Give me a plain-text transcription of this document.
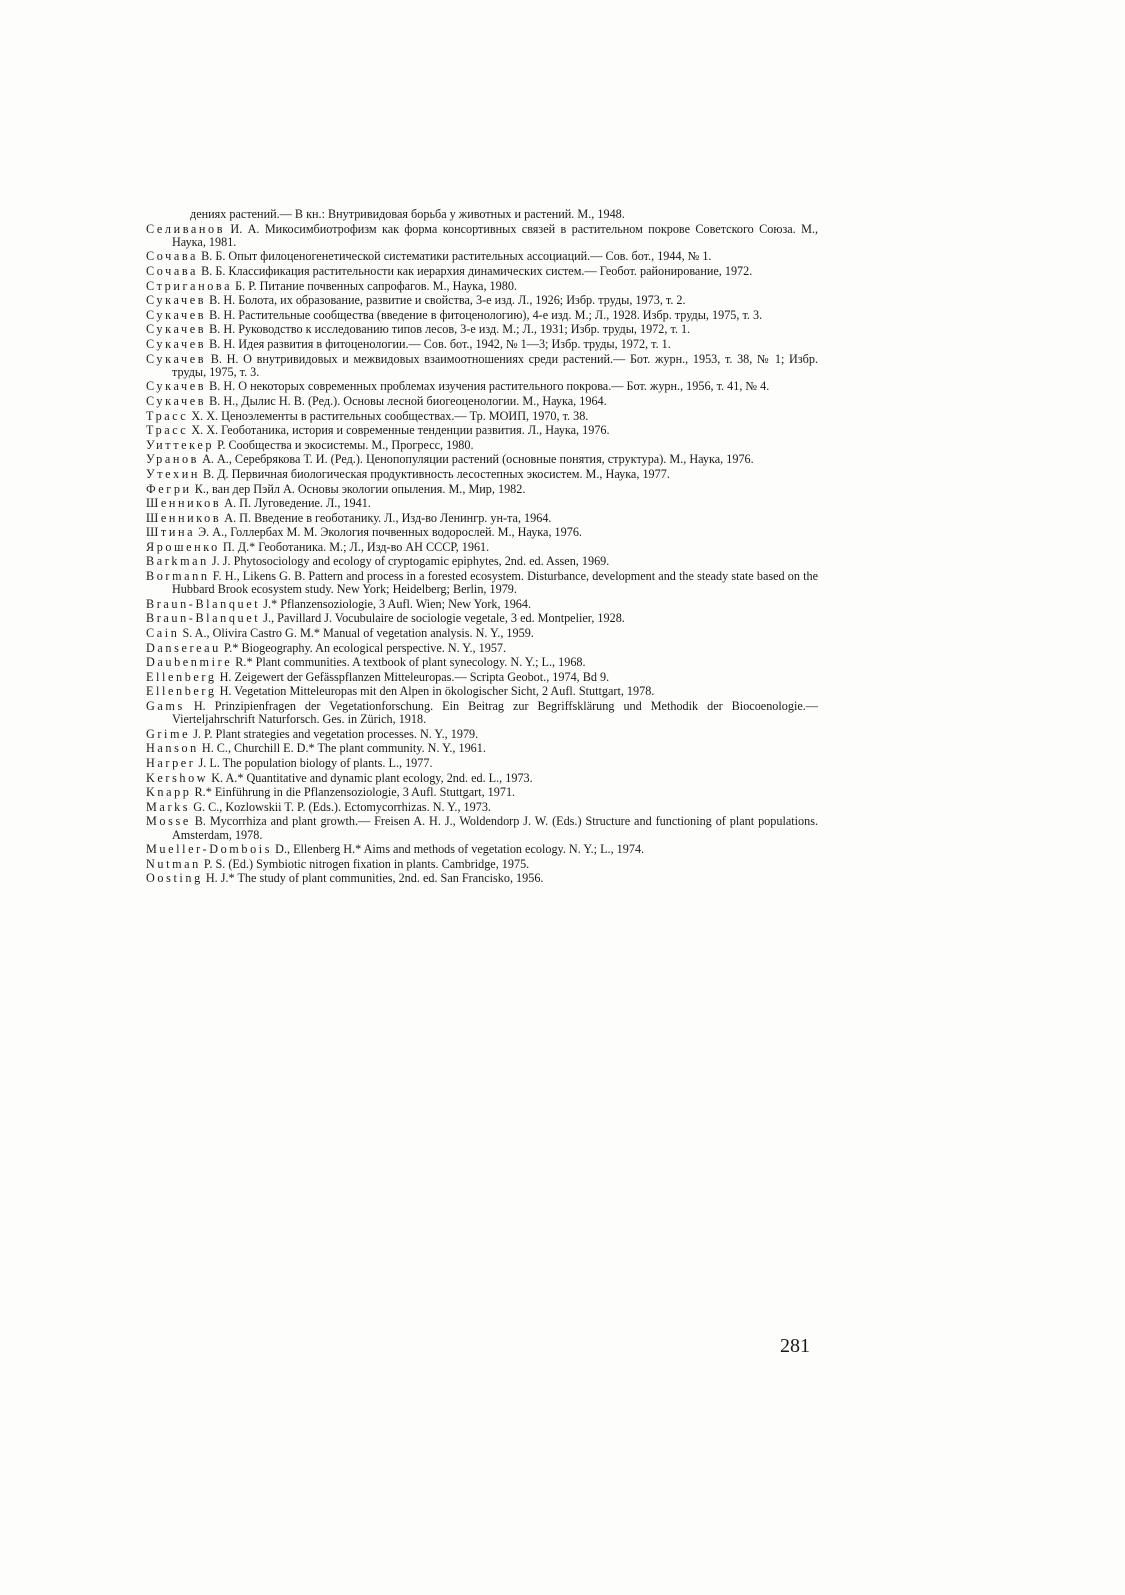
дениях растений.— В кн.: Внутривидовая борьба у животных и растений. М., 1948.

Селиванов И. А. Микосимбиотрофизм как форма консортивных связей в растительном покрове Советского Союза. М., Наука, 1981.

Сочава В. Б. Опыт филоценогенетической систематики растительных ассоциаций.— Сов. бот., 1944, № 1.

Сочава В. Б. Классификация растительности как иерархия динамических систем.— Геобот. районирование, 1972.

Стриганова Б. Р. Питание почвенных сапрофагов. М., Наука, 1980.

Сукачев В. Н. Болота, их образование, развитие и свойства, 3-е изд. Л., 1926; Избр. труды, 1973, т. 2.

Сукачев В. Н. Растительные сообщества (введение в фитоценологию), 4-е изд. М.; Л., 1928. Избр. труды, 1975, т. 3.

Сукачев В. Н. Руководство к исследованию типов лесов, 3-е изд. М.; Л., 1931; Избр. труды, 1972, т. 1.

Сукачев В. Н. Идея развития в фитоценологии.— Сов. бот., 1942, № 1—3; Избр. труды, 1972, т. 1.

Сукачев В. Н. О внутривидовых и межвидовых взаимоотношениях среди растений.— Бот. журн., 1953, т. 38, № 1; Избр. труды, 1975, т. 3.

Сукачев В. Н. О некоторых современных проблемах изучения растительного покрова.— Бот. журн., 1956, т. 41, № 4.

Сукачев В. Н., Дылис Н. В. (Ред.). Основы лесной биогеоценологии. М., Наука, 1964.

Трасс Х. Х. Ценоэлементы в растительных сообществах.— Тр. МОИП, 1970, т. 38.

Трасс Х. Х. Геоботаника, история и современные тенденции развития. Л., Наука, 1976.

Уиттекер Р. Сообщества и экосистемы. М., Прогресс, 1980.

Уранов А. А., Серебрякова Т. И. (Ред.). Ценопопуляции растений (основные понятия, структура). М., Наука, 1976.

Утехин В. Д. Первичная биологическая продуктивность лесостепных экосистем. М., Наука, 1977.

Фегри К., ван дер Пэйл А. Основы экологии опыления. М., Мир, 1982.

Шенников А. П. Луговедение. Л., 1941.

Шенников А. П. Введение в геоботанику. Л., Изд-во Ленингр. ун-та, 1964.

Штина Э. А., Голлербах М. М. Экология почвенных водорослей. М., Наука, 1976.

Ярошенко П. Д.* Геоботаника. М.; Л., Изд-во АН СССР, 1961.

Barkman J. J. Phytosociology and ecology of cryptogamic epiphytes, 2nd. ed. Assen, 1969.

Bormann F. H., Likens G. B. Pattern and process in a forested ecosystem. Disturbance, development and the steady state based on the Hubbard Brook ecosystem study. New York; Heidelberg; Berlin, 1979.

Braun-Blanquet J.* Pflanzensoziologie, 3 Aufl. Wien; New York, 1964.

Braun-Blanquet J., Pavillard J. Vocubulaire de sociologie vegetale, 3 ed. Montpelier, 1928.

Cain S. A., Olivira Castro G. M.* Manual of vegetation analysis. N. Y., 1959.

Dansereau P.* Biogeography. An ecological perspective. N. Y., 1957.

Daubenmire R.* Plant communities. A textbook of plant synecology. N. Y.; L., 1968.

Ellenberg H. Zeigewert der Gefässpflanzen Mitteleuropas.— Scripta Geobot., 1974, Bd 9.

Ellenberg H. Vegetation Mitteleuropas mit den Alpen in ökologischer Sicht, 2 Aufl. Stuttgart, 1978.

Gams H. Prinzipienfragen der Vegetationforschung. Ein Beitrag zur Begriffsklärung und Methodik der Biocoenologie.— Vierteljahrschrift Naturforsch. Ges. in Zürich, 1918.

Grime J. P. Plant strategies and vegetation processes. N. Y., 1979.

Hanson H. C., Churchill E. D.* The plant community. N. Y., 1961.

Harper J. L. The population biology of plants. L., 1977.

Kershow K. A.* Quantitative and dynamic plant ecology, 2nd. ed. L., 1973.

Knapp R.* Einführung in die Pflanzensoziologie, 3 Aufl. Stuttgart, 1971.

Marks G. C., Kozlowskii T. P. (Eds.). Ectomycorrhizas. N. Y., 1973.

Mosse B. Mycorrhiza and plant growth.— Freisen A. H. J., Woldendorp J. W. (Eds.) Structure and functioning of plant populations. Amsterdam, 1978.

Mueller-Dombois D., Ellenberg H.* Aims and methods of vegetation ecology. N. Y.; L., 1974.

Nutman P. S. (Ed.) Symbiotic nitrogen fixation in plants. Cambridge, 1975.

Oosting H. J.* The study of plant communities, 2nd. ed. San Francisko, 1956.

281
